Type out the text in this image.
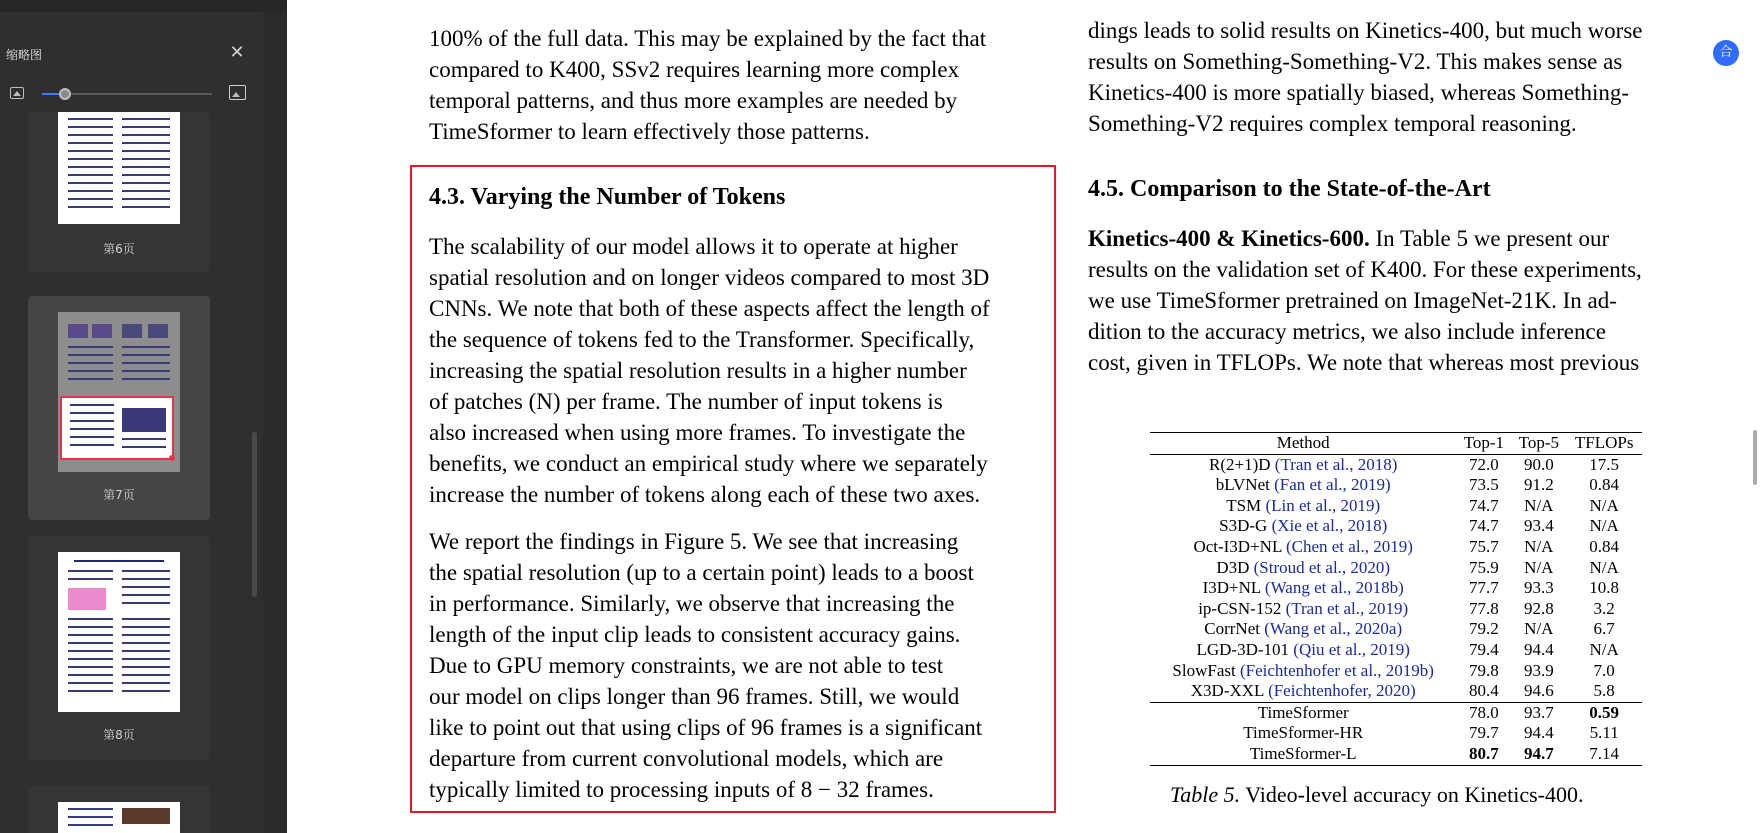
缩略图	✕
第6页
第7页
第8页
100% of the full data. This may be explained by the fact that
compared to K400, SSv2 requires learning more complex
temporal patterns, and thus more examples are needed by
TimeSformer to learn effectively those patterns.
4.3. Varying the Number of Tokens
The scalability of our model allows it to operate at higher
spatial resolution and on longer videos compared to most 3D
CNNs. We note that both of these aspects affect the length of
the sequence of tokens fed to the Transformer. Specifically,
increasing the spatial resolution results in a higher number
of patches (N) per frame. The number of input tokens is
also increased when using more frames. To investigate the
benefits, we conduct an empirical study where we separately
increase the number of tokens along each of these two axes.
We report the findings in Figure 5. We see that increasing
the spatial resolution (up to a certain point) leads to a boost
in performance. Similarly, we observe that increasing the
length of the input clip leads to consistent accuracy gains.
Due to GPU memory constraints, we are not able to test
our model on clips longer than 96 frames. Still, we would
like to point out that using clips of 96 frames is a significant
departure from current convolutional models, which are
typically limited to processing inputs of 8 − 32 frames.
dings leads to solid results on Kinetics-400, but much worse
results on Something-Something-V2. This makes sense as
Kinetics-400 is more spatially biased, whereas Something-
Something-V2 requires complex temporal reasoning.
4.5. Comparison to the State-of-the-Art
Kinetics-400 & Kinetics-600. In Table 5 we present our
results on the validation set of K400. For these experiments,
we use TimeSformer pretrained on ImageNet-21K. In ad-
dition to the accuracy metrics, we also include inference
cost, given in TFLOPs. We note that whereas most previous
Method	Top-1	Top-5	TFLOPs
R(2+1)D (Tran et al., 2018)	72.0	90.0	17.5
bLVNet (Fan et al., 2019)	73.5	91.2	0.84
TSM (Lin et al., 2019)	74.7	N/A	N/A
S3D-G (Xie et al., 2018)	74.7	93.4	N/A
Oct-I3D+NL (Chen et al., 2019)	75.7	N/A	0.84
D3D (Stroud et al., 2020)	75.9	N/A	N/A
I3D+NL (Wang et al., 2018b)	77.7	93.3	10.8
ip-CSN-152 (Tran et al., 2019)	77.8	92.8	3.2
CorrNet (Wang et al., 2020a)	79.2	N/A	6.7
LGD-3D-101 (Qiu et al., 2019)	79.4	94.4	N/A
SlowFast (Feichtenhofer et al., 2019b)	79.8	93.9	7.0
X3D-XXL (Feichtenhofer, 2020)	80.4	94.6	5.8
TimeSformer	78.0	93.7	0.59
TimeSformer-HR	79.7	94.4	5.11
TimeSformer-L	80.7	94.7	7.14
Table 5. Video-level accuracy on Kinetics-400.
合
